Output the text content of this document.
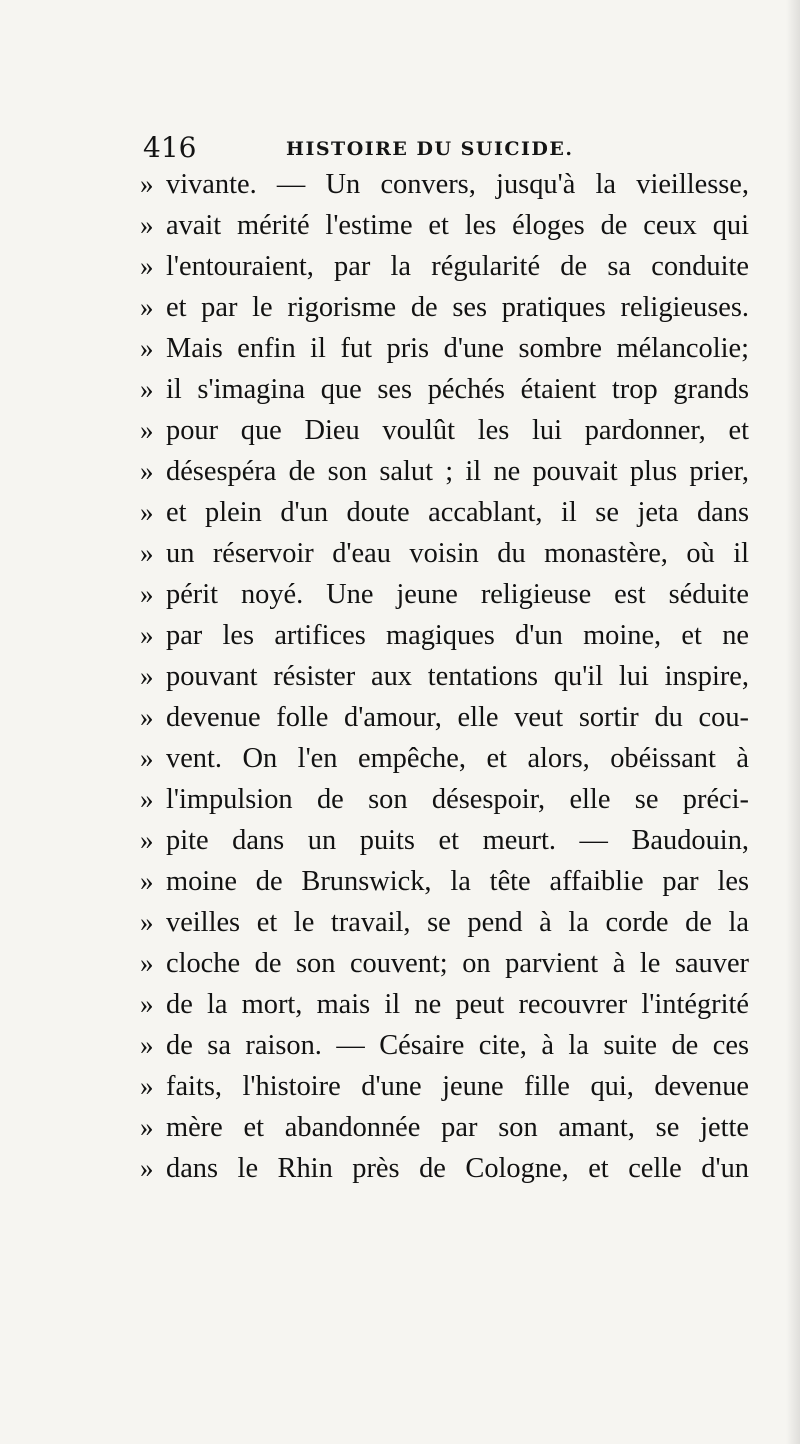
416	HISTOIRE DU SUICIDE.
» vivante. — Un convers, jusqu'à la vieillesse,
» avait mérité l'estime et les éloges de ceux qui
» l'entouraient, par la régularité de sa conduite
» et par le rigorisme de ses pratiques religieuses.
» Mais enfin il fut pris d'une sombre mélancolie;
» il s'imagina que ses péchés étaient trop grands
» pour que Dieu voulût les lui pardonner, et
» désespéra de son salut ; il ne pouvait plus prier,
» et plein d'un doute accablant, il se jeta dans
» un réservoir d'eau voisin du monastère, où il
» périt noyé. Une jeune religieuse est séduite
» par les artifices magiques d'un moine, et ne
» pouvant résister aux tentations qu'il lui inspire,
» devenue folle d'amour, elle veut sortir du cou-
» vent. On l'en empêche, et alors, obéissant à
» l'impulsion de son désespoir, elle se préci-
» pite dans un puits et meurt. — Baudouin,
» moine de Brunswick, la tête affaiblie par les
» veilles et le travail, se pend à la corde de la
» cloche de son couvent; on parvient à le sauver
» de la mort, mais il ne peut recouvrer l'intégrité
» de sa raison. — Césaire cite, à la suite de ces
» faits, l'histoire d'une jeune fille qui, devenue
» mère et abandonnée par son amant, se jette
» dans le Rhin près de Cologne, et celle d'un
